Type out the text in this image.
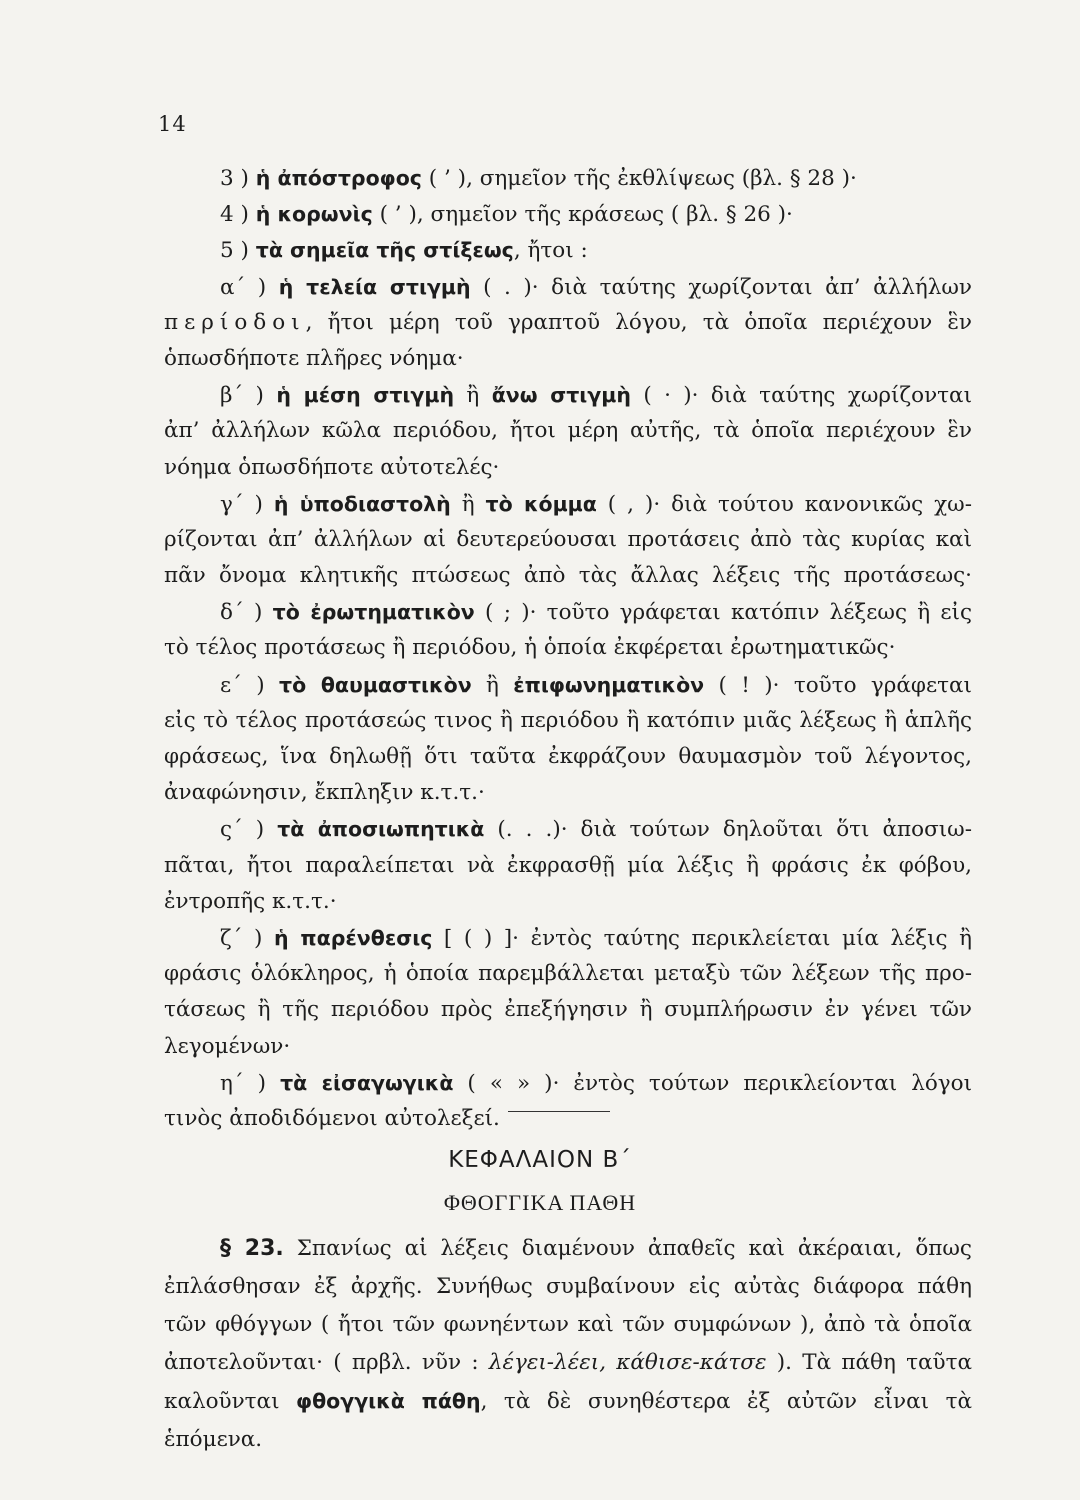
14
3 ) ἡ ἀπόστροφος ( ’ ), σημεῖον τῆς ἐκθλίψεως (βλ. § 28 )·
4 ) ἡ κορωνὶς ( ’ ), σημεῖον τῆς κράσεως ( βλ. § 26 )·
5 ) τὰ σημεῖα τῆς στίξεως, ἤτοι :
α΄ ) ἡ τελεία στιγμὴ ( . )· διὰ ταύτης χωρίζονται ἀπ’ ἀλλήλων
περίοδοι, ἤτοι μέρη τοῦ γραπτοῦ λόγου, τὰ ὁποῖα περιέχουν ἓν
ὁπωσδήποτε πλῆρες νόημα·
β΄ ) ἡ μέση στιγμὴ ἢ ἄνω στιγμὴ ( · )· διὰ ταύτης χωρίζονται
ἀπ’ ἀλλήλων κῶλα περιόδου, ἤτοι μέρη αὐτῆς, τὰ ὁποῖα περιέχουν ἓν
νόημα ὁπωσδήποτε αὐτοτελές·
γ΄ ) ἡ ὑποδιαστολὴ ἢ τὸ κόμμα ( , )· διὰ τούτου κανονικῶς χω-
ρίζονται ἀπ’ ἀλλήλων αἱ δευτερεύουσαι προτάσεις ἀπὸ τὰς κυρίας καὶ
πᾶν ὄνομα κλητικῆς πτώσεως ἀπὸ τὰς ἄλλας λέξεις τῆς προτάσεως·
δ΄ ) τὸ ἐρωτηματικὸν ( ; )· τοῦτο γράφεται κατόπιν λέξεως ἢ εἰς
τὸ τέλος προτάσεως ἢ περιόδου, ἡ ὁποία ἐκφέρεται ἐρωτηματικῶς·
ε΄ ) τὸ θαυμαστικὸν ἢ ἐπιφωνηματικὸν ( ! )· τοῦτο γράφεται
εἰς τὸ τέλος προτάσεώς τινος ἢ περιόδου ἢ κατόπιν μιᾶς λέξεως ἢ ἁπλῆς
φράσεως, ἵνα δηλωθῇ ὅτι ταῦτα ἐκφράζουν θαυμασμὸν τοῦ λέγοντος,
ἀναφώνησιν, ἔκπληξιν κ.τ.τ.·
ς΄ ) τὰ ἀποσιωπητικὰ (. . .)· διὰ τούτων δηλοῦται ὅτι ἀποσιω-
πᾶται, ἤτοι παραλείπεται νὰ ἐκφρασθῇ μία λέξις ἢ φράσις ἐκ φόβου,
ἐντροπῆς κ.τ.τ.·
ζ΄ ) ἡ παρένθεσις [ ( ) ]· ἐντὸς ταύτης περικλείεται μία λέξις ἢ
φράσις ὁλόκληρος, ἡ ὁποία παρεμβάλλεται μεταξὺ τῶν λέξεων τῆς προ-
τάσεως ἢ τῆς περιόδου πρὸς ἐπεξήγησιν ἢ συμπλήρωσιν ἐν γένει τῶν
λεγομένων·
η΄ ) τὰ εἰσαγωγικὰ ( « » )· ἐντὸς τούτων περικλείονται λόγοι
τινὸς ἀποδιδόμενοι αὐτολεξεί.
ΚΕΦΑΛΑΙΟΝ Β΄
ΦΘΟΓΓΙΚΑ ΠΑΘΗ
§ 23. Σπανίως αἱ λέξεις διαμένουν ἀπαθεῖς καὶ ἀκέραιαι, ὅπως
ἐπλάσθησαν ἐξ ἀρχῆς. Συνήθως συμβαίνουν εἰς αὐτὰς διάφορα πάθη
τῶν φθόγγων ( ἤτοι τῶν φωνηέντων καὶ τῶν συμφώνων ), ἀπὸ τὰ ὁποῖα
ἀποτελοῦνται· ( πρβλ. νῦν : λέγει-λέει, κάθισε-κάτσε ). Τὰ πάθη ταῦτα
καλοῦνται φθογγικὰ πάθη, τὰ δὲ συνηθέστερα ἐξ αὐτῶν εἶναι τὰ ἑπόμενα.
